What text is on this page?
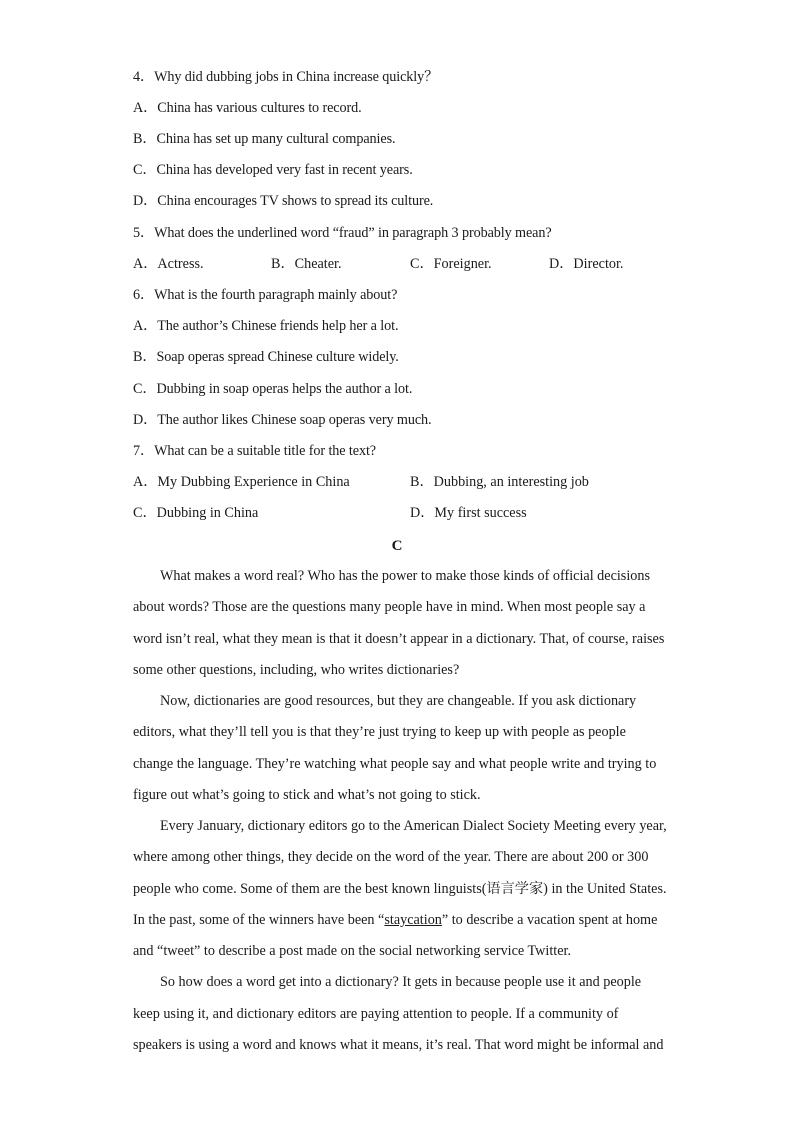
4．Why did dubbing jobs in China increase quickly？
A．China has various cultures to record.
B．China has set up many cultural companies.
C．China has developed very fast in recent years.
D．China encourages TV shows to spread its culture.
5．What does the underlined word “fraud” in paragraph 3 probably mean?
A．Actress.	B．Cheater.	C．Foreigner.	D．Director.
6．What is the fourth paragraph mainly about?
A．The author’s Chinese friends help her a lot.
B．Soap operas spread Chinese culture widely.
C．Dubbing in soap operas helps the author a lot.
D．The author likes Chinese soap operas very much.
7．What can be a suitable title for the text?
A．My Dubbing Experience in China	B．Dubbing, an interesting job
C．Dubbing in China	D．My first success
C
What makes a word real? Who has the power to make those kinds of official decisions
about words? Those are the questions many people have in mind. When most people say a
word isn’t real, what they mean is that it doesn’t appear in a dictionary. That, of course, raises
some other questions, including, who writes dictionaries?
Now, dictionaries are good resources, but they are changeable. If you ask dictionary
editors, what they’ll tell you is that they’re just trying to keep up with people as people
change the language. They’re watching what people say and what people write and trying to
figure out what’s going to stick and what’s not going to stick.
Every January, dictionary editors go to the American Dialect Society Meeting every year,
where among other things, they decide on the word of the year. There are about 200 or 300
people who come. Some of them are the best known linguists(语言学家) in the United States.
In the past, some of the winners have been “staycation” to describe a vacation spent at home
and “tweet” to describe a post made on the social networking service Twitter.
So how does a word get into a dictionary? It gets in because people use it and people
keep using it, and dictionary editors are paying attention to people. If a community of
speakers is using a word and knows what it means, it’s real. That word might be informal and
